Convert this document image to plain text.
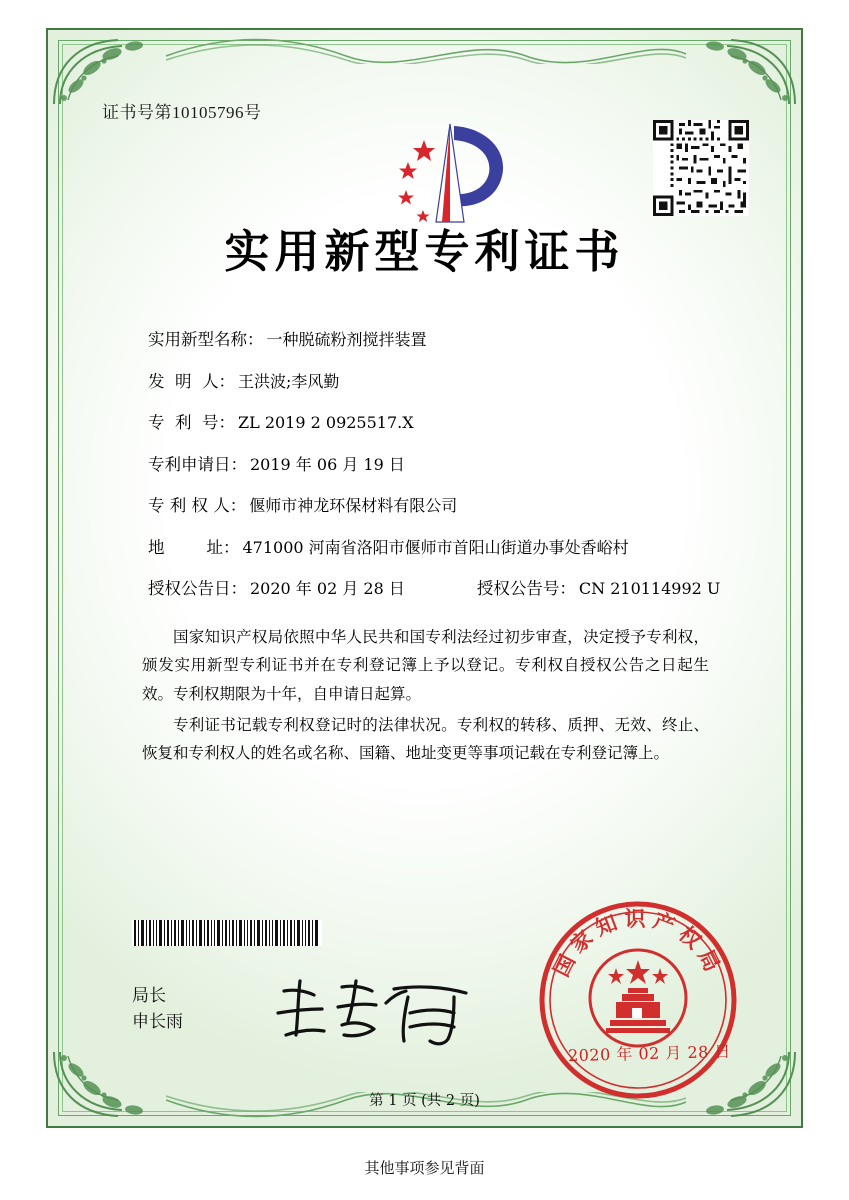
证书号第10105796号
实用新型专利证书
实用新型名称： 一种脱硫粉剂搅拌装置
发  明  人： 王洪波;李风勤
专  利  号： ZL 2019 2 0925517.X
专利申请日： 2019 年 06 月 19 日
专 利 权 人： 偃师市神龙环保材料有限公司
地        址： 471000 河南省洛阳市偃师市首阳山街道办事处香峪村
授权公告日： 2020 年 02 月 28 日	授权公告号： CN 210114992 U

国家知识产权局依照中华人民共和国专利法经过初步审查，决定授予专利权，颁发实用新型专利证书并在专利登记簿上予以登记。专利权自授权公告之日起生效。专利权期限为十年，自申请日起算。

专利证书记载专利权登记时的法律状况。专利权的转移、质押、无效、终止、恢复和专利权人的姓名或名称、国籍、地址变更等事项记载在专利登记簿上。

局长
申长雨
国家知识产权局
2020 年 02 月 28 日
第 1 页 (共 2 页)
其他事项参见背面
